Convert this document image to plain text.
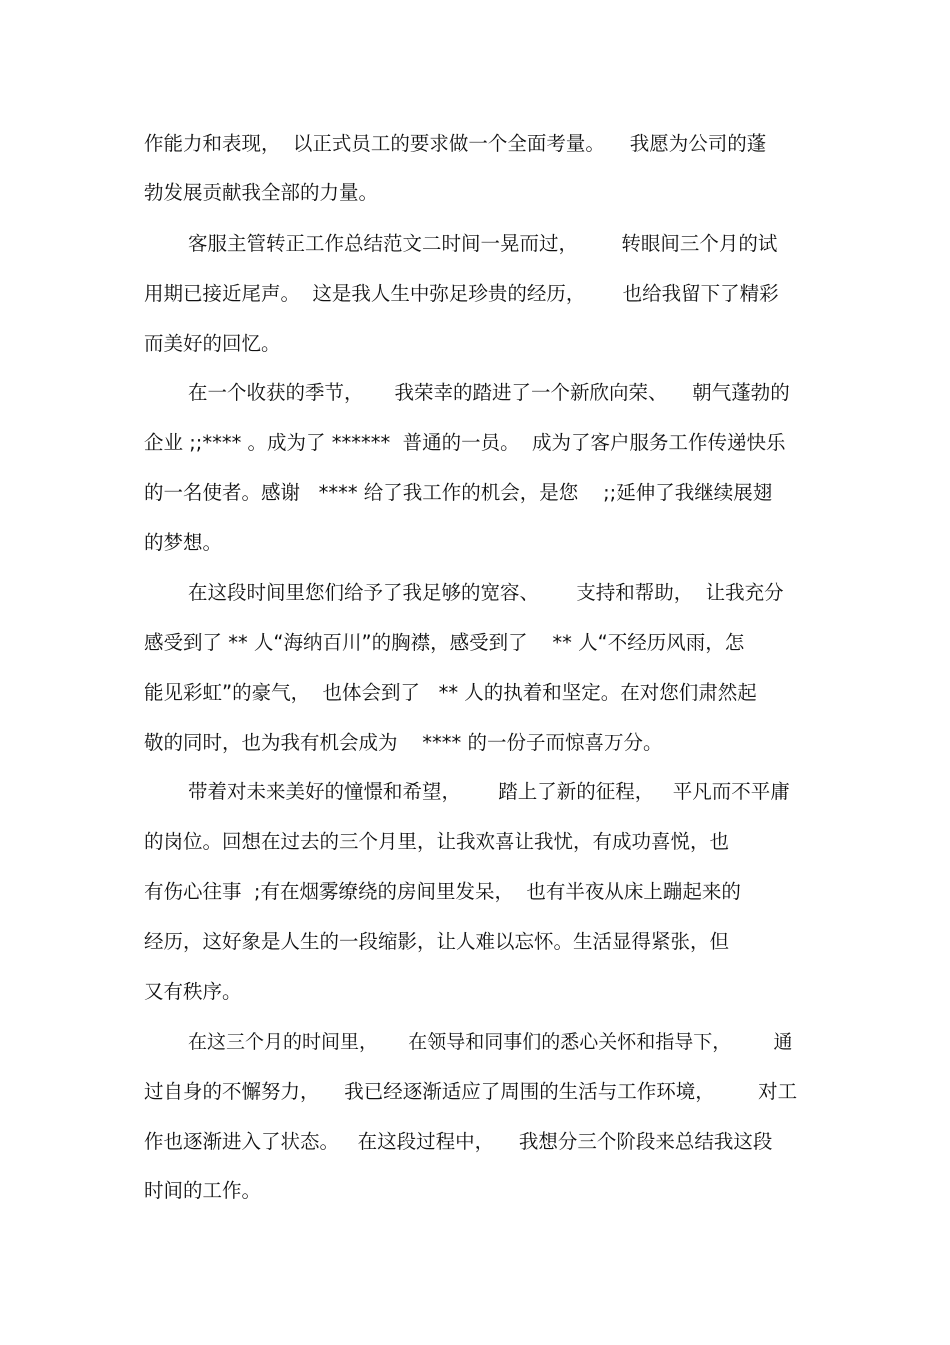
作能力和表现，  以正式员工的要求做一个全面考量。    我愿为公司的蓬
勃发展贡献我全部的力量。
客服主管转正工作总结范文二时间一晃而过，       转眼间三个月的试
用期已接近尾声。  这是我人生中弥足珍贵的经历，      也给我留下了精彩
而美好的回忆。
在一个收获的季节，     我荣幸的踏进了一个新欣向荣、    朝气蓬勃的
企业 ;;**** 。成为了 ******  普通的一员。  成为了客户服务工作传递快乐
的一名使者。感谢   **** 给了我工作的机会，是您    ;;延伸了我继续展翅
的梦想。
在这段时间里您们给予了我足够的宽容、      支持和帮助，  让我充分
感受到了 ** 人“海纳百川”的胸襟，感受到了    ** 人“不经历风雨，怎
能见彩虹”的豪气，  也体会到了   ** 人的执着和坚定。在对您们肃然起
敬的同时，也为我有机会成为    **** 的一份子而惊喜万分。
带着对未来美好的憧憬和希望，      踏上了新的征程，   平凡而不平庸
的岗位。回想在过去的三个月里，让我欢喜让我忧，有成功喜悦，也
有伤心往事  ;有在烟雾缭绕的房间里发呆，  也有半夜从床上蹦起来的
经历，这好象是人生的一段缩影，让人难以忘怀。生活显得紧张，但
又有秩序。
在这三个月的时间里，     在领导和同事们的悉心关怀和指导下，       通
过自身的不懈努力，    我已经逐渐适应了周围的生活与工作环境，       对工
作也逐渐进入了状态。   在这段过程中，    我想分三个阶段来总结我这段
时间的工作。
